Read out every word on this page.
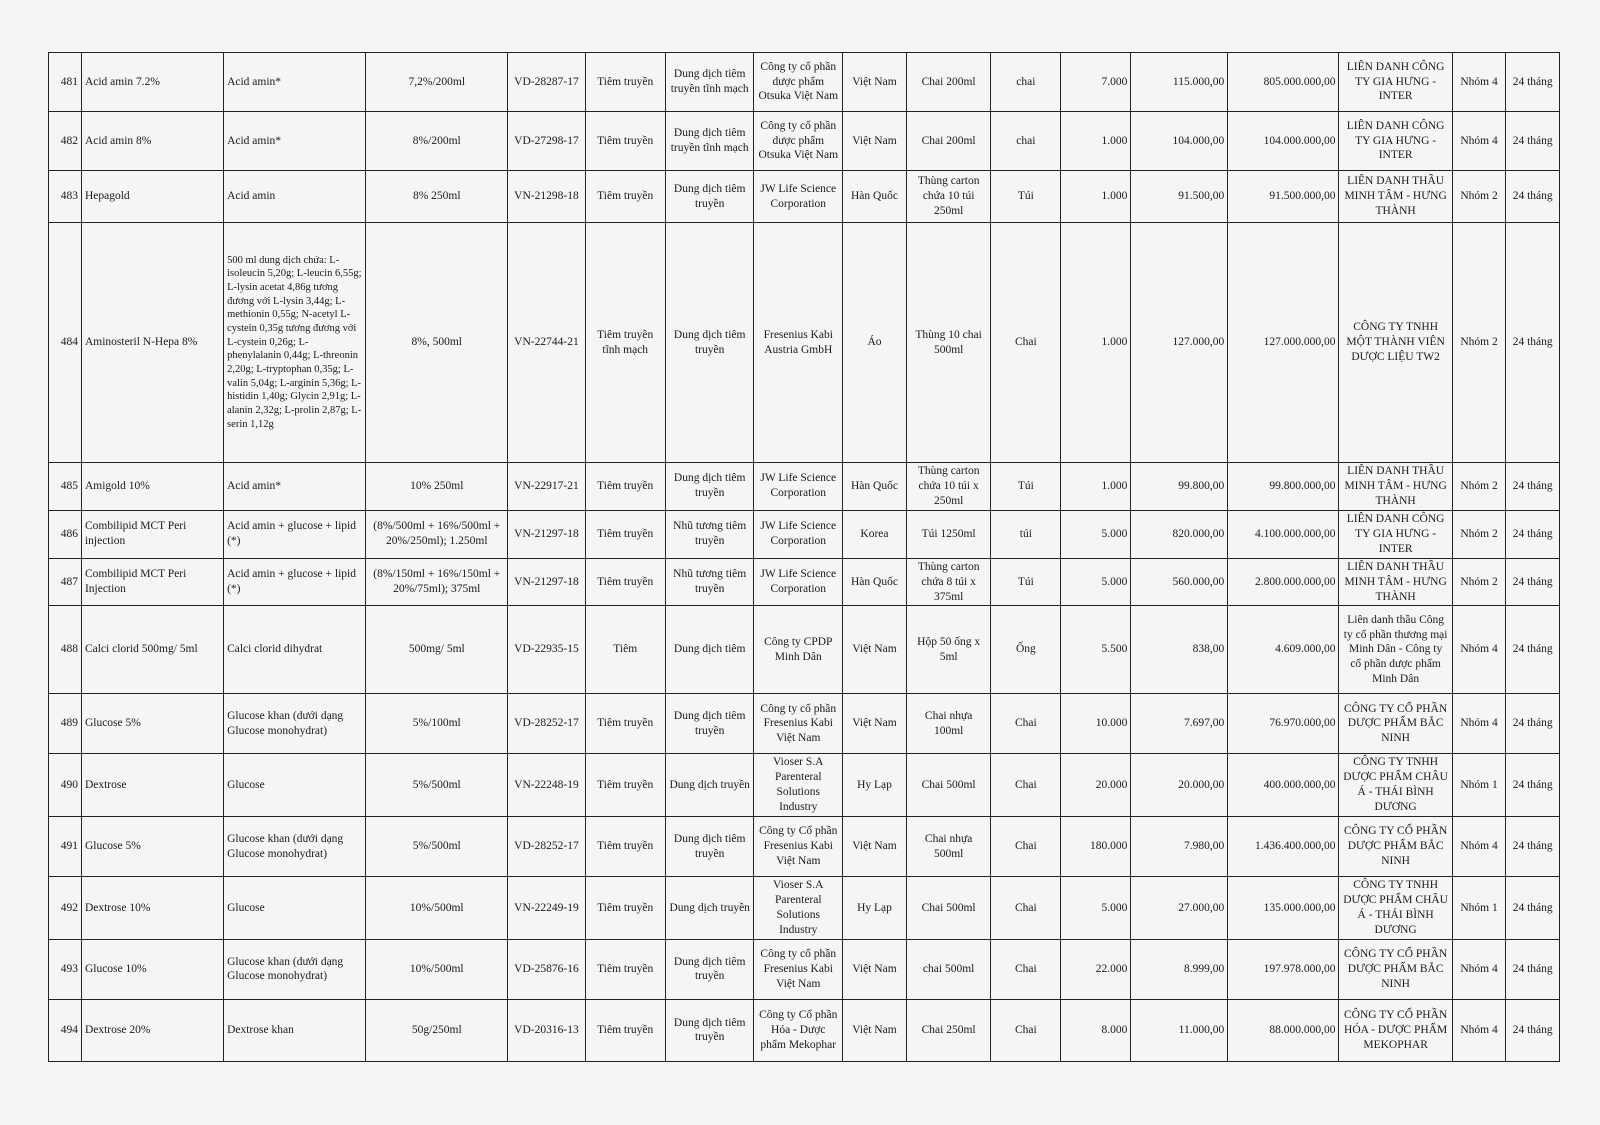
481	Acid amin 7.2%	Acid amin*	7,2%/200ml	VD-28287-17	Tiêm truyền	Dung dịch tiêm truyền tĩnh mạch	Công ty cổ phần dược phẩm Otsuka Việt Nam	Việt Nam	Chai 200ml	chai	7.000	115.000,00	805.000.000,00	LIÊN DANH CÔNG TY GIA HƯNG - INTER	Nhóm 4	24 tháng
482	Acid amin 8%	Acid amin*	8%/200ml	VD-27298-17	Tiêm truyền	Dung dịch tiêm truyền tĩnh mạch	Công ty cổ phần dược phẩm Otsuka Việt Nam	Việt Nam	Chai 200ml	chai	1.000	104.000,00	104.000.000,00	LIÊN DANH CÔNG TY GIA HƯNG - INTER	Nhóm 4	24 tháng
483	Hepagold	Acid amin	8% 250ml	VN-21298-18	Tiêm truyền	Dung dịch tiêm truyền	JW Life Science Corporation	Hàn Quốc	Thùng carton chứa 10 túi 250ml	Túi	1.000	91.500,00	91.500.000,00	LIÊN DANH THẦU MINH TÂM - HƯNG THÀNH	Nhóm 2	24 tháng
484	Aminosteril N-Hepa 8%	500 ml dung dịch chứa: L-isoleucin 5,20g; L-leucin 6,55g; L-lysin acetat 4,86g tương đương với L-lysin 3,44g; L-methionin 0,55g; N-acetyl L-cystein 0,35g tương đương với L-cystein 0,26g; L-phenylalanin 0,44g; L-threonin 2,20g; L-tryptophan 0,35g; L-valin 5,04g; L-arginin 5,36g; L-histidin 1,40g; Glycin 2,91g; L-alanin 2,32g; L-prolin 2,87g; L-serin 1,12g	8%, 500ml	VN-22744-21	Tiêm truyền tĩnh mạch	Dung dịch tiêm truyền	Fresenius Kabi Austria GmbH	Áo	Thùng 10 chai 500ml	Chai	1.000	127.000,00	127.000.000,00	CÔNG TY TNHH MỘT THÀNH VIÊN DƯỢC LIỆU TW2	Nhóm 2	24 tháng
485	Amigold 10%	Acid amin*	10% 250ml	VN-22917-21	Tiêm truyền	Dung dịch tiêm truyền	JW Life Science Corporation	Hàn Quốc	Thùng carton chứa 10 túi x 250ml	Túi	1.000	99.800,00	99.800.000,00	LIÊN DANH THẦU MINH TÂM - HƯNG THÀNH	Nhóm 2	24 tháng
486	Combilipid MCT Peri injection	Acid amin + glucose + lipid (*)	(8%/500ml + 16%/500ml + 20%/250ml); 1.250ml	VN-21297-18	Tiêm truyền	Nhũ tương tiêm truyền	JW Life Science Corporation	Korea	Túi 1250ml	túi	5.000	820.000,00	4.100.000.000,00	LIÊN DANH CÔNG TY GIA HƯNG - INTER	Nhóm 2	24 tháng
487	Combilipid MCT Peri Injection	Acid amin + glucose + lipid (*)	(8%/150ml + 16%/150ml + 20%/75ml); 375ml	VN-21297-18	Tiêm truyền	Nhũ tương tiêm truyền	JW Life Science Corporation	Hàn Quốc	Thùng carton chứa 8 túi x 375ml	Túi	5.000	560.000,00	2.800.000.000,00	LIÊN DANH THẦU MINH TÂM - HƯNG THÀNH	Nhóm 2	24 tháng
488	Calci clorid 500mg/ 5ml	Calci clorid dihydrat	500mg/ 5ml	VD-22935-15	Tiêm	Dung dịch tiêm	Công ty CPDP Minh Dân	Việt Nam	Hộp 50 ống x 5ml	Ống	5.500	838,00	4.609.000,00	Liên danh thầu Công ty cổ phần thương mại Minh Dân - Công ty cổ phần dược phẩm Minh Dân	Nhóm 4	24 tháng
489	Glucose 5%	Glucose khan (dưới dạng Glucose monohydrat)	5%/100ml	VD-28252-17	Tiêm truyền	Dung dịch tiêm truyền	Công ty cổ phần Fresenius Kabi Việt Nam	Việt Nam	Chai nhựa 100ml	Chai	10.000	7.697,00	76.970.000,00	CÔNG TY CỔ PHẦN DƯỢC PHẨM BẮC NINH	Nhóm 4	24 tháng
490	Dextrose	Glucose	5%/500ml	VN-22248-19	Tiêm truyền	Dung dịch truyền	Vioser S.A Parenteral Solutions Industry	Hy Lạp	Chai 500ml	Chai	20.000	20.000,00	400.000.000,00	CÔNG TY TNHH DƯỢC PHẨM CHÂU Á - THÁI BÌNH DƯƠNG	Nhóm 1	24 tháng
491	Glucose 5%	Glucose khan (dưới dạng Glucose monohydrat)	5%/500ml	VD-28252-17	Tiêm truyền	Dung dịch tiêm truyền	Công ty Cổ phần Fresenius Kabi Việt Nam	Việt Nam	Chai nhựa 500ml	Chai	180.000	7.980,00	1.436.400.000,00	CÔNG TY CỔ PHẦN DƯỢC PHẨM BẮC NINH	Nhóm 4	24 tháng
492	Dextrose 10%	Glucose	10%/500ml	VN-22249-19	Tiêm truyền	Dung dịch truyền	Vioser S.A Parenteral Solutions Industry	Hy Lạp	Chai 500ml	Chai	5.000	27.000,00	135.000.000,00	CÔNG TY TNHH DƯỢC PHẨM CHÂU Á - THÁI BÌNH DƯƠNG	Nhóm 1	24 tháng
493	Glucose 10%	Glucose khan (dưới dạng Glucose monohydrat)	10%/500ml	VD-25876-16	Tiêm truyền	Dung dịch tiêm truyền	Công ty cổ phần Fresenius Kabi Việt Nam	Việt Nam	chai 500ml	Chai	22.000	8.999,00	197.978.000,00	CÔNG TY CỔ PHẦN DƯỢC PHẨM BẮC NINH	Nhóm 4	24 tháng
494	Dextrose 20%	Dextrose khan	50g/250ml	VD-20316-13	Tiêm truyền	Dung dịch tiêm truyền	Công ty Cổ phần Hóa - Dược phẩm Mekophar	Việt Nam	Chai 250ml	Chai	8.000	11.000,00	88.000.000,00	CÔNG TY CỔ PHẦN HÓA - DƯỢC PHẨM MEKOPHAR	Nhóm 4	24 tháng
